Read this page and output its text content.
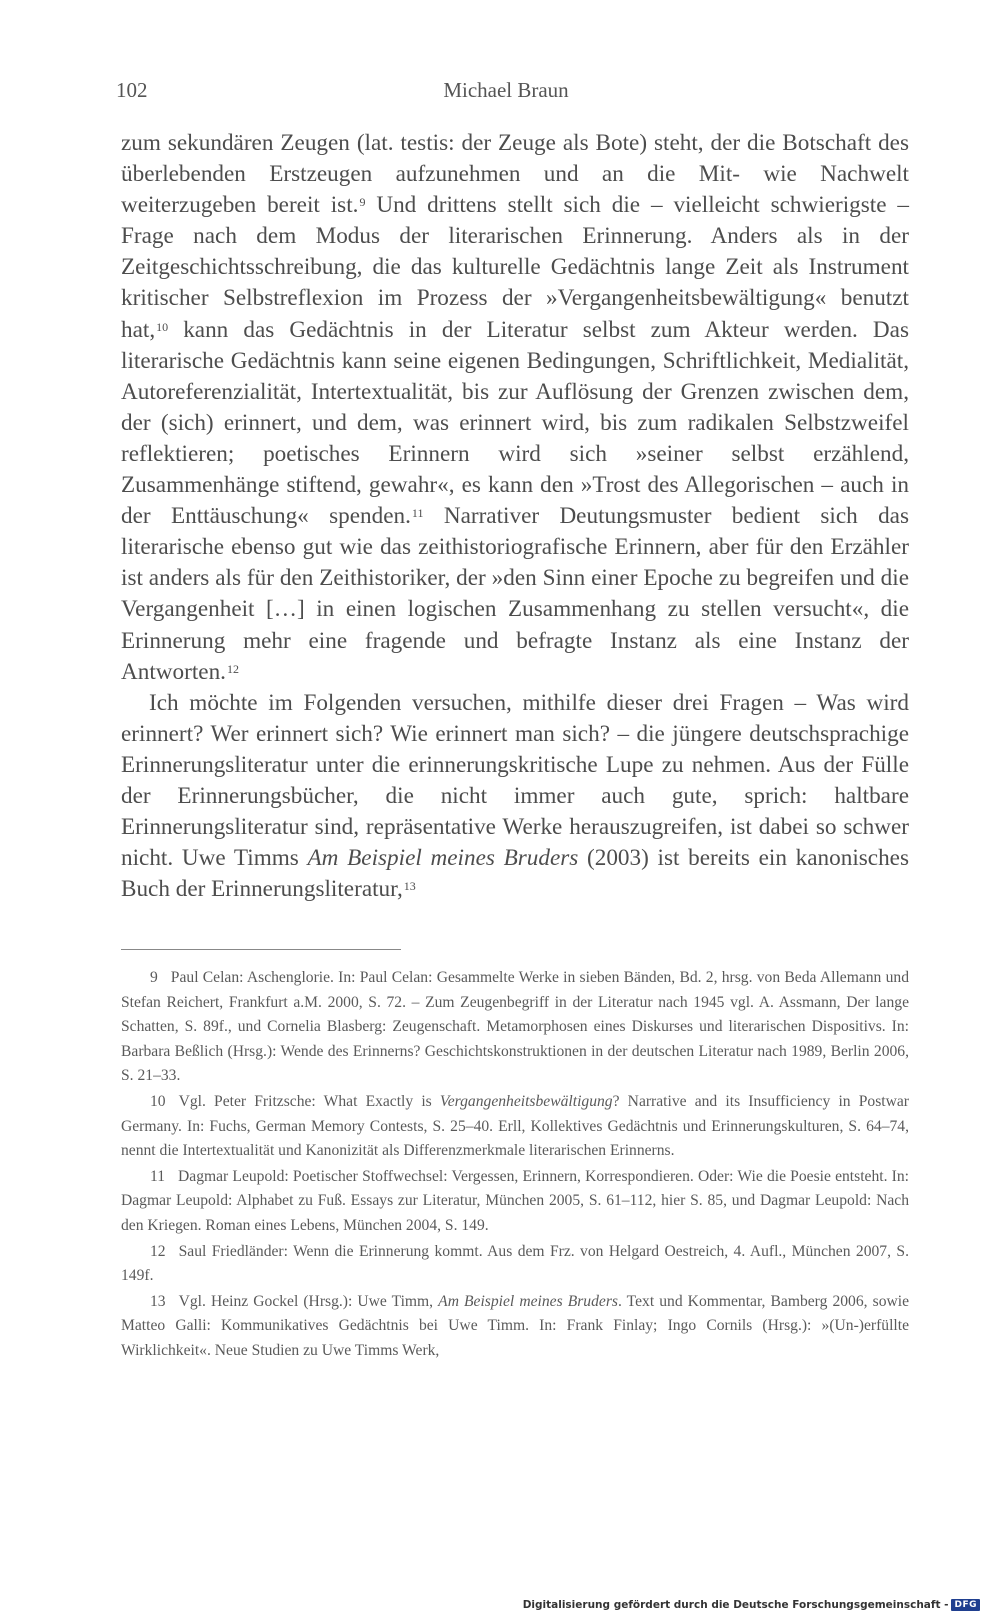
102	Michael Braun

zum sekundären Zeugen (lat. testis: der Zeuge als Bote) steht, der die Botschaft des überlebenden Erstzeugen aufzunehmen und an die Mit- wie Nachwelt weiterzugeben bereit ist.$^9$ Und drittens stellt sich die – vielleicht schwierigste – Frage nach dem Modus der literarischen Erinnerung. Anders als in der Zeitgeschichtsschreibung, die das kulturelle Gedächtnis lange Zeit als Instrument kritischer Selbstreflexion im Prozess der »Vergangenheitsbewältigung« benutzt hat,$^{10}$ kann das Gedächtnis in der Literatur selbst zum Akteur werden. Das literarische Gedächtnis kann seine eigenen Bedingungen, Schriftlichkeit, Medialität, Autoreferenzialität, Intertextualität, bis zur Auflösung der Grenzen zwischen dem, der (sich) erinnert, und dem, was erinnert wird, bis zum radikalen Selbstzweifel reflektieren; poetisches Erinnern wird sich »seiner selbst erzählend, Zusammenhänge stiftend, gewahr«, es kann den »Trost des Allegorischen – auch in der Enttäuschung« spenden.$^{11}$ Narrativer Deutungsmuster bedient sich das literarische ebenso gut wie das zeithistoriografische Erinnern, aber für den Erzähler ist anders als für den Zeithistoriker, der »den Sinn einer Epoche zu begreifen und die Vergangenheit […] in einen logischen Zusammenhang zu stellen versucht«, die Erinnerung mehr eine fragende und befragte Instanz als eine Instanz der Antworten.$^{12}$

Ich möchte im Folgenden versuchen, mithilfe dieser drei Fragen – Was wird erinnert? Wer erinnert sich? Wie erinnert man sich? – die jüngere deutschsprachige Erinnerungsliteratur unter die erinnerungskritische Lupe zu nehmen. Aus der Fülle der Erinnerungsbücher, die nicht immer auch gute, sprich: haltbare Erinnerungsliteratur sind, repräsentative Werke herauszugreifen, ist dabei so schwer nicht. Uwe Timms Am Beispiel meines Bruders (2003) ist bereits ein kanonisches Buch der Erinnerungsliteratur,$^{13}$

9 Paul Celan: Aschenglorie. In: Paul Celan: Gesammelte Werke in sieben Bänden, Bd. 2, hrsg. von Beda Allemann und Stefan Reichert, Frankfurt a.M. 2000, S. 72. – Zum Zeugenbegriff in der Literatur nach 1945 vgl. A. Assmann, Der lange Schatten, S. 89f., und Cornelia Blasberg: Zeugenschaft. Metamorphosen eines Diskurses und literarischen Dispositivs. In: Barbara Beßlich (Hrsg.): Wende des Erinnerns? Geschichtskonstruktionen in der deutschen Literatur nach 1989, Berlin 2006, S. 21–33.

10 Vgl. Peter Fritzsche: What Exactly is Vergangenheitsbewältigung? Narrative and its Insufficiency in Postwar Germany. In: Fuchs, German Memory Contests, S. 25–40. Erll, Kollektives Gedächtnis und Erinnerungskulturen, S. 64–74, nennt die Intertextualität und Kanonizität als Differenzmerkmale literarischen Erinnerns.

11 Dagmar Leupold: Poetischer Stoffwechsel: Vergessen, Erinnern, Korrespondieren. Oder: Wie die Poesie entsteht. In: Dagmar Leupold: Alphabet zu Fuß. Essays zur Literatur, München 2005, S. 61–112, hier S. 85, und Dagmar Leupold: Nach den Kriegen. Roman eines Lebens, München 2004, S. 149.

12 Saul Friedländer: Wenn die Erinnerung kommt. Aus dem Frz. von Helgard Oestreich, 4. Aufl., München 2007, S. 149f.

13 Vgl. Heinz Gockel (Hrsg.): Uwe Timm, Am Beispiel meines Bruders. Text und Kommentar, Bamberg 2006, sowie Matteo Galli: Kommunikatives Gedächtnis bei Uwe Timm. In: Frank Finlay; Ingo Cornils (Hrsg.): »(Un-)erfüllte Wirklichkeit«. Neue Studien zu Uwe Timms Werk,

Digitalisierung gefördert durch die Deutsche Forschungsgemeinschaft - DFG
